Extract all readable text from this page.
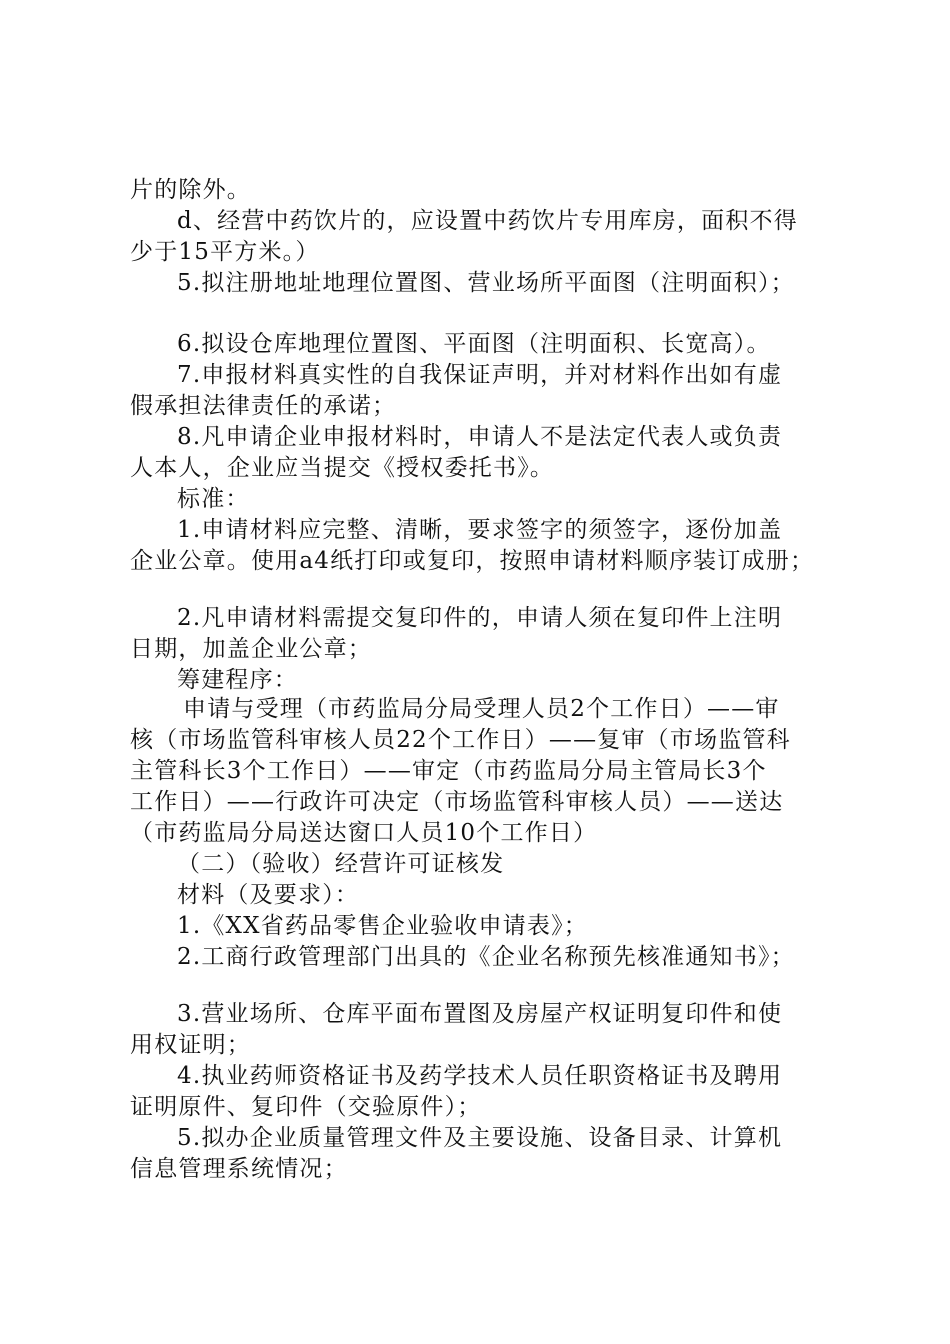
片的除外。
d、经营中药饮片的，应设置中药饮片专用库房，面积不得
少于15平方米。）
5.拟注册地址地理位置图、营业场所平面图（注明面积）；
6.拟设仓库地理位置图、平面图（注明面积、长宽高）。
7.申报材料真实性的自我保证声明，并对材料作出如有虚
假承担法律责任的承诺；
8.凡申请企业申报材料时，申请人不是法定代表人或负责
人本人，企业应当提交《授权委托书》。
标准：
1.申请材料应完整、清晰，要求签字的须签字，逐份加盖
企业公章。使用a4纸打印或复印，按照申请材料顺序装订成册；
2.凡申请材料需提交复印件的，申请人须在复印件上注明
日期，加盖企业公章；
筹建程序：
申请与受理（市药监局分局受理人员2个工作日）——审
核（市场监管科审核人员22个工作日）——复审（市场监管科
主管科长3个工作日）——审定（市药监局分局主管局长3个
工作日）——行政许可决定（市场监管科审核人员）——送达
（市药监局分局送达窗口人员10个工作日）
（二）（验收）经营许可证核发
材料（及要求）：
1.《XX省药品零售企业验收申请表》；
2.工商行政管理部门出具的《企业名称预先核准通知书》；
3.营业场所、仓库平面布置图及房屋产权证明复印件和使
用权证明；
4.执业药师资格证书及药学技术人员任职资格证书及聘用
证明原件、复印件（交验原件）；
5.拟办企业质量管理文件及主要设施、设备目录、计算机
信息管理系统情况；
